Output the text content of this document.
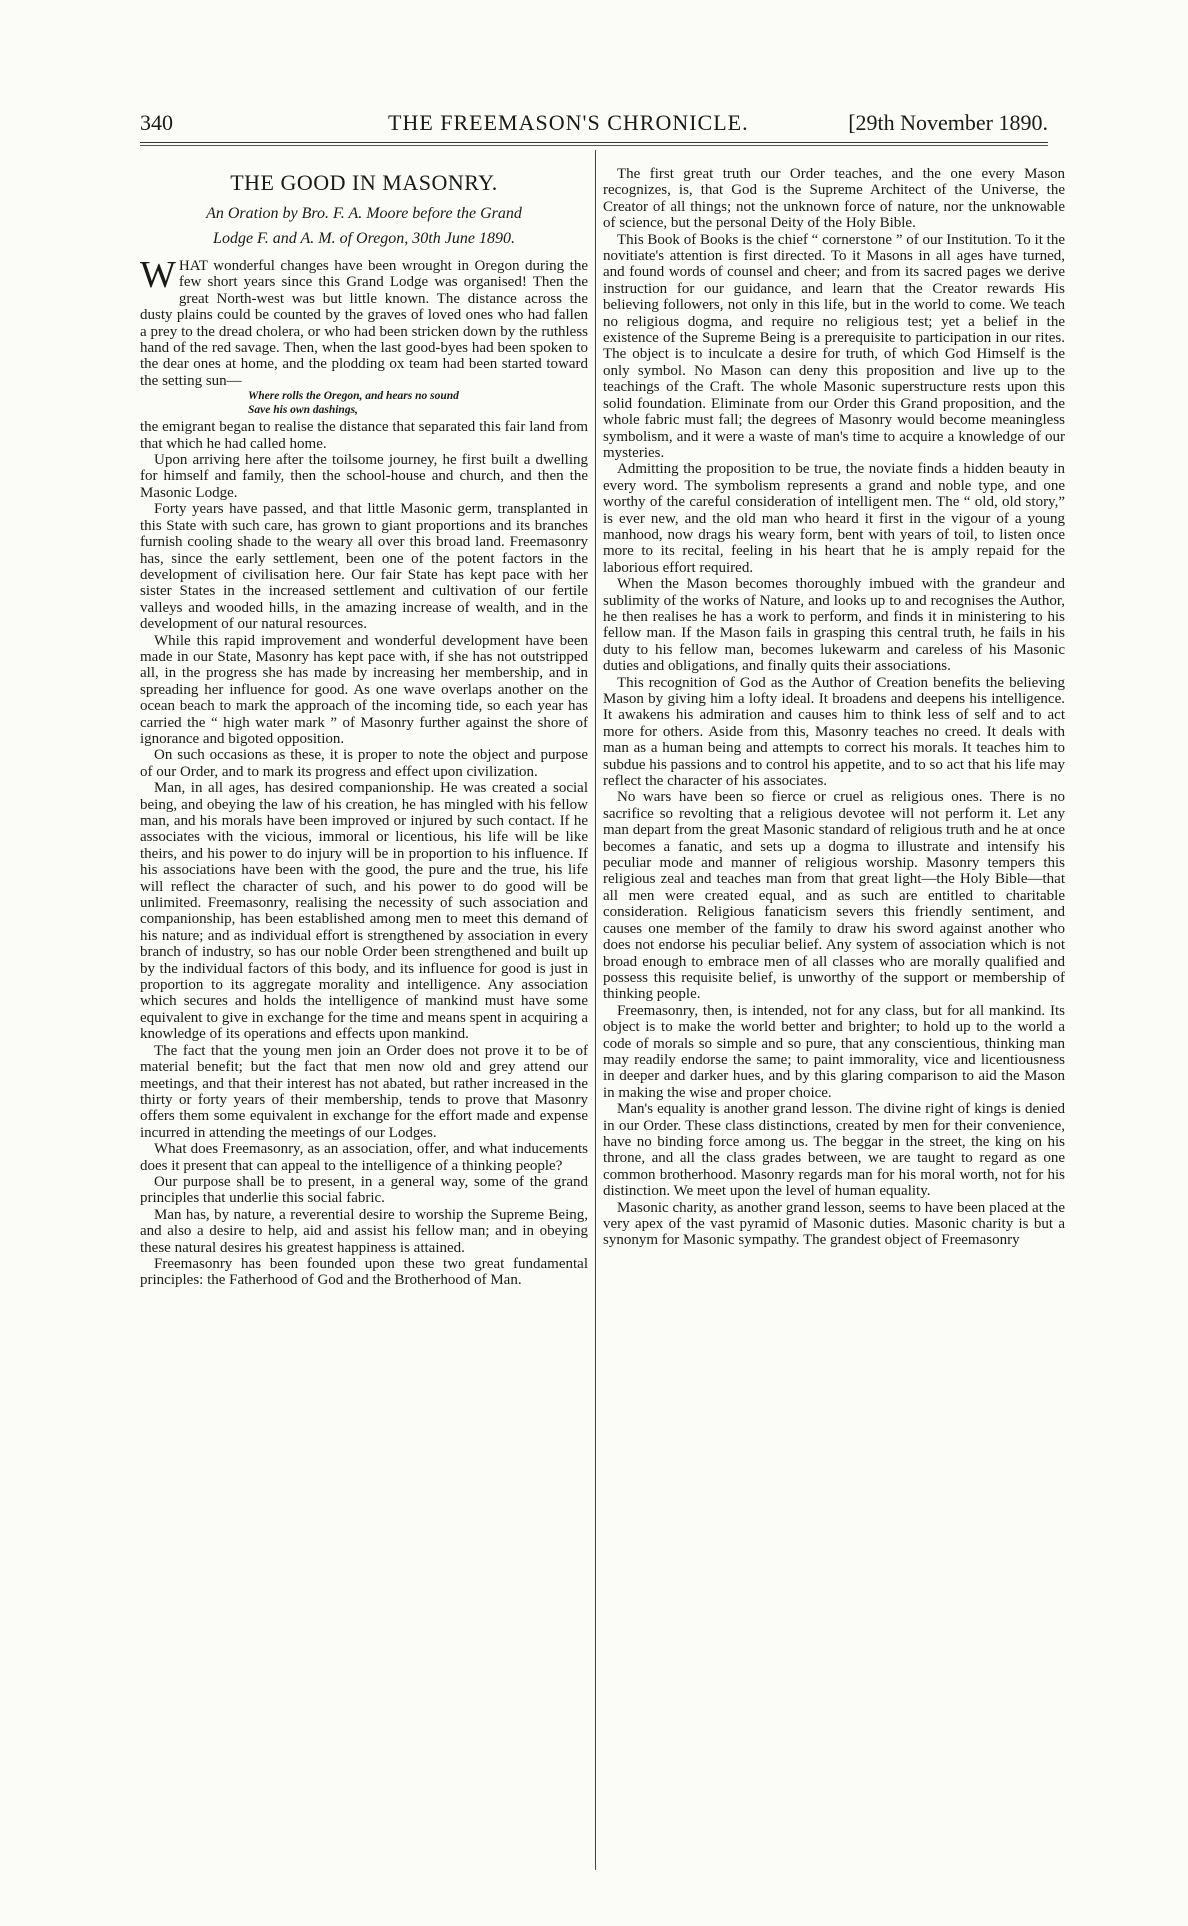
340	THE FREEMASON'S CHRONICLE.	[29th November 1890.
THE GOOD IN MASONRY.
An Oration by Bro. F. A. Moore before the Grand
Lodge F. and A. M. of Oregon, 30th June 1890.

WHAT wonderful changes have been wrought in Oregon during the few short years since this Grand Lodge was organised! Then the great North-west was but little known. The distance across the dusty plains could be counted by the graves of loved ones who had fallen a prey to the dread cholera, or who had been stricken down by the ruthless hand of the red savage. Then, when the last good-byes had been spoken to the dear ones at home, and the plodding ox team had been started toward the setting sun—

Where rolls the Oregon, and hears no sound
Save his own dashings,

the emigrant began to realise the distance that separated this fair land from that which he had called home.

Upon arriving here after the toilsome journey, he first built a dwelling for himself and family, then the school-house and church, and then the Masonic Lodge.

Forty years have passed, and that little Masonic germ, transplanted in this State with such care, has grown to giant proportions and its branches furnish cooling shade to the weary all over this broad land. Freemasonry has, since the early settlement, been one of the potent factors in the development of civilisation here. Our fair State has kept pace with her sister States in the increased settlement and cultivation of our fertile valleys and wooded hills, in the amazing increase of wealth, and in the development of our natural resources.

While this rapid improvement and wonderful development have been made in our State, Masonry has kept pace with, if she has not outstripped all, in the progress she has made by increasing her membership, and in spreading her influence for good. As one wave overlaps another on the ocean beach to mark the approach of the incoming tide, so each year has carried the “ high water mark ” of Masonry further against the shore of ignorance and bigoted opposition.

On such occasions as these, it is proper to note the object and purpose of our Order, and to mark its progress and effect upon civilization.

Man, in all ages, has desired companionship. He was created a social being, and obeying the law of his creation, he has mingled with his fellow man, and his morals have been improved or injured by such contact. If he associates with the vicious, immoral or licentious, his life will be like theirs, and his power to do injury will be in proportion to his influence. If his associations have been with the good, the pure and the true, his life will reflect the character of such, and his power to do good will be unlimited. Freemasonry, realising the necessity of such association and companionship, has been established among men to meet this demand of his nature; and as individual effort is strengthened by association in every branch of industry, so has our noble Order been strengthened and built up by the individual factors of this body, and its influence for good is just in proportion to its aggregate morality and intelligence. Any association which secures and holds the intelligence of mankind must have some equivalent to give in exchange for the time and means spent in acquiring a knowledge of its operations and effects upon mankind.

The fact that the young men join an Order does not prove it to be of material benefit; but the fact that men now old and grey attend our meetings, and that their interest has not abated, but rather increased in the thirty or forty years of their membership, tends to prove that Masonry offers them some equivalent in exchange for the effort made and expense incurred in attending the meetings of our Lodges.

What does Freemasonry, as an association, offer, and what inducements does it present that can appeal to the intelligence of a thinking people?

Our purpose shall be to present, in a general way, some of the grand principles that underlie this social fabric.

Man has, by nature, a reverential desire to worship the Supreme Being, and also a desire to help, aid and assist his fellow man; and in obeying these natural desires his greatest happiness is attained.

Freemasonry has been founded upon these two great fundamental principles: the Fatherhood of God and the Brotherhood of Man.

The first great truth our Order teaches, and the one every Mason recognizes, is, that God is the Supreme Architect of the Universe, the Creator of all things; not the unknown force of nature, nor the unknowable of science, but the personal Deity of the Holy Bible.

This Book of Books is the chief “ cornerstone ” of our Institution. To it the novitiate's attention is first directed. To it Masons in all ages have turned, and found words of counsel and cheer; and from its sacred pages we derive instruction for our guidance, and learn that the Creator rewards His believing followers, not only in this life, but in the world to come. We teach no religious dogma, and require no religious test; yet a belief in the existence of the Supreme Being is a prerequisite to participation in our rites. The object is to inculcate a desire for truth, of which God Himself is the only symbol. No Mason can deny this proposition and live up to the teachings of the Craft. The whole Masonic superstructure rests upon this solid foundation. Eliminate from our Order this Grand proposition, and the whole fabric must fall; the degrees of Masonry would become meaningless symbolism, and it were a waste of man's time to acquire a knowledge of our mysteries.

Admitting the proposition to be true, the noviate finds a hidden beauty in every word. The symbolism represents a grand and noble type, and one worthy of the careful consideration of intelligent men. The “ old, old story,” is ever new, and the old man who heard it first in the vigour of a young manhood, now drags his weary form, bent with years of toil, to listen once more to its recital, feeling in his heart that he is amply repaid for the laborious effort required.

When the Mason becomes thoroughly imbued with the grandeur and sublimity of the works of Nature, and looks up to and recognises the Author, he then realises he has a work to perform, and finds it in ministering to his fellow man. If the Mason fails in grasping this central truth, he fails in his duty to his fellow man, becomes lukewarm and careless of his Masonic duties and obligations, and finally quits their associations.

This recognition of God as the Author of Creation benefits the believing Mason by giving him a lofty ideal. It broadens and deepens his intelligence. It awakens his admiration and causes him to think less of self and to act more for others. Aside from this, Masonry teaches no creed. It deals with man as a human being and attempts to correct his morals. It teaches him to subdue his passions and to control his appetite, and to so act that his life may reflect the character of his associates.

No wars have been so fierce or cruel as religious ones. There is no sacrifice so revolting that a religious devotee will not perform it. Let any man depart from the great Masonic standard of religious truth and he at once becomes a fanatic, and sets up a dogma to illustrate and intensify his peculiar mode and manner of religious worship. Masonry tempers this religious zeal and teaches man from that great light—the Holy Bible—that all men were created equal, and as such are entitled to charitable consideration. Religious fanaticism severs this friendly sentiment, and causes one member of the family to draw his sword against another who does not endorse his peculiar belief. Any system of association which is not broad enough to embrace men of all classes who are morally qualified and possess this requisite belief, is unworthy of the support or membership of thinking people.

Freemasonry, then, is intended, not for any class, but for all mankind. Its object is to make the world better and brighter; to hold up to the world a code of morals so simple and so pure, that any conscientious, thinking man may readily endorse the same; to paint immorality, vice and licentiousness in deeper and darker hues, and by this glaring comparison to aid the Mason in making the wise and proper choice.

Man's equality is another grand lesson. The divine right of kings is denied in our Order. These class distinctions, created by men for their convenience, have no binding force among us. The beggar in the street, the king on his throne, and all the class grades between, we are taught to regard as one common brotherhood. Masonry regards man for his moral worth, not for his distinction. We meet upon the level of human equality.

Masonic charity, as another grand lesson, seems to have been placed at the very apex of the vast pyramid of Masonic duties. Masonic charity is but a synonym for Masonic sympathy. The grandest object of Freemasonry
